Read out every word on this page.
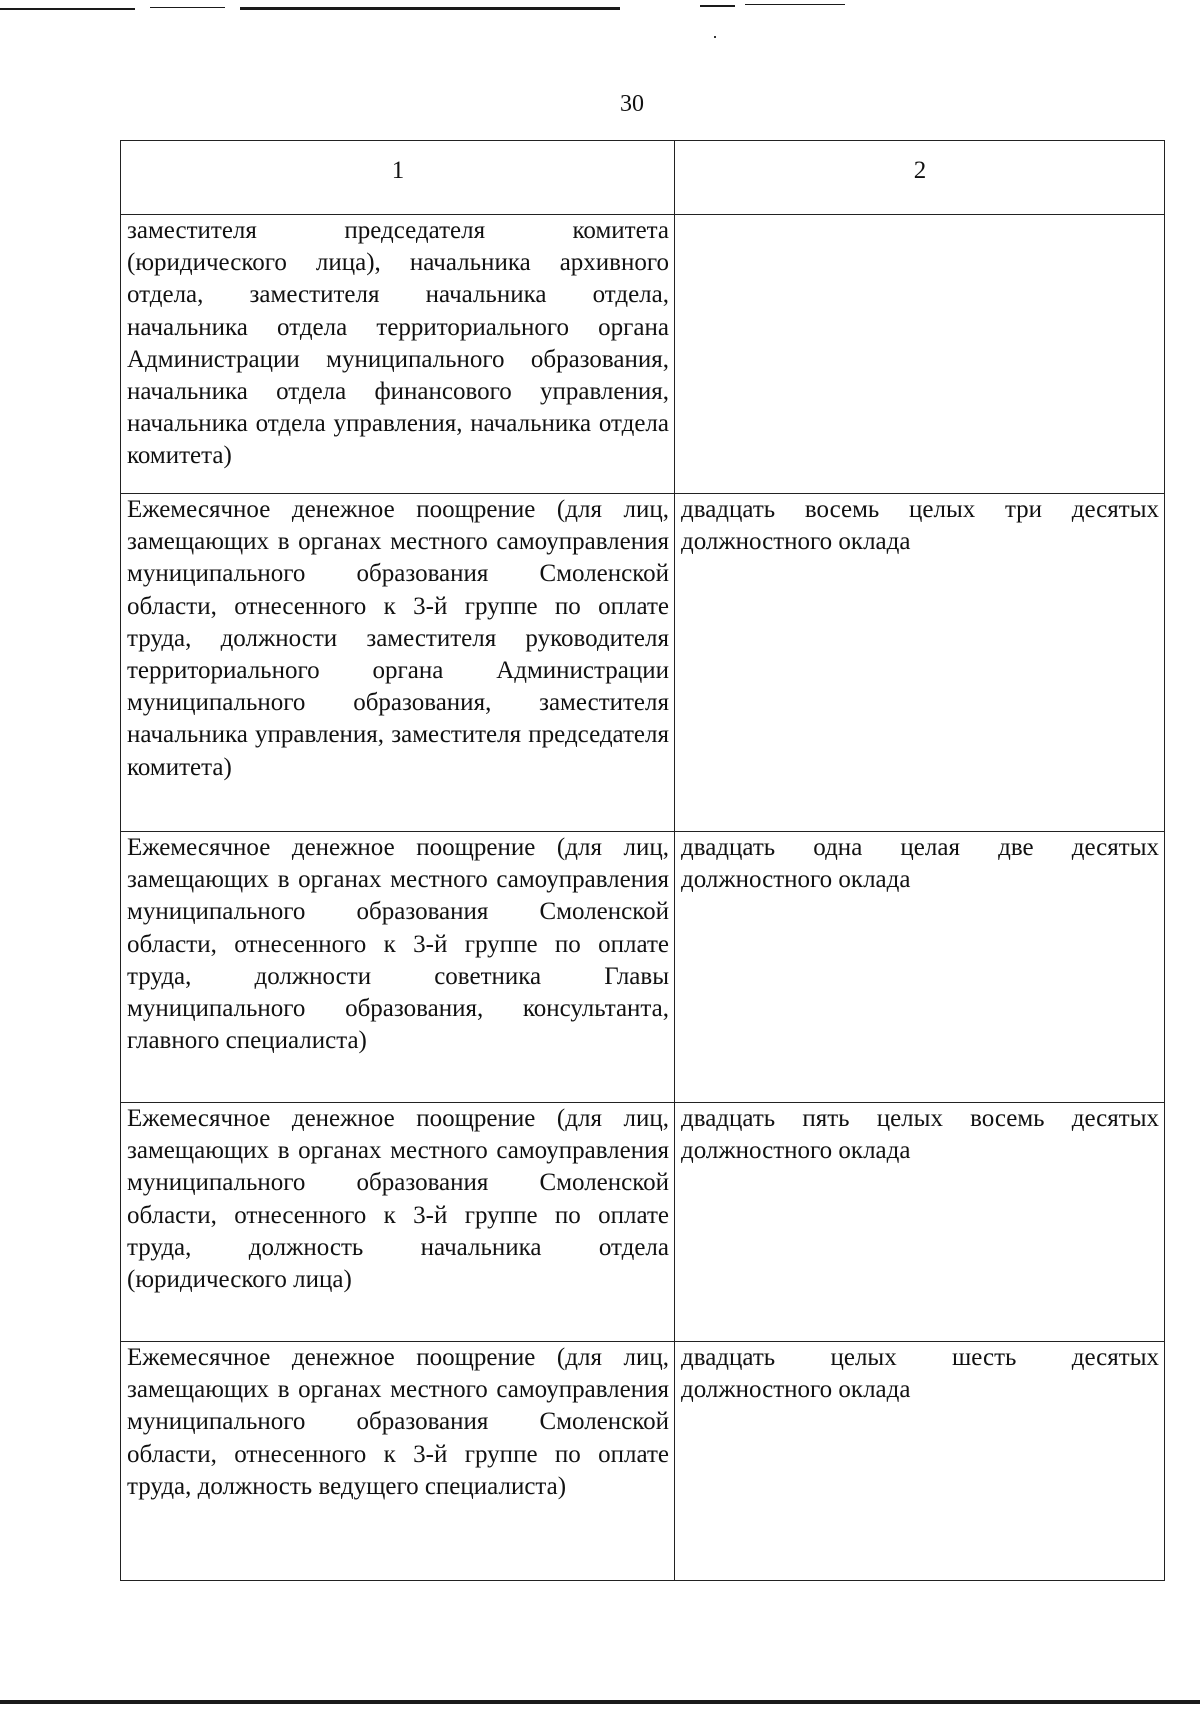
30
1	2

заместителя председателя комитета (юридического лица), начальника архивного отдела, заместителя начальника отдела, начальника отдела территориального органа Администрации муниципального образования, начальника отдела финансового управления, начальника отдела управления, начальника отдела комитета)	

Ежемесячное денежное поощрение (для лиц, замещающих в органах местного самоуправления муниципального образования Смоленской области, отнесенного к 3-й группе по оплате труда, должности заместителя руководителя территориального органа Администрации муниципального образования, заместителя начальника управления, заместителя председателя комитета)	двадцать восемь целых три десятых должностного оклада

Ежемесячное денежное поощрение (для лиц, замещающих в органах местного самоуправления муниципального образования Смоленской области, отнесенного к 3-й группе по оплате труда, должности советника Главы муниципального образования, консультанта, главного специалиста)	двадцать одна целая две десятых должностного оклада

Ежемесячное денежное поощрение (для лиц, замещающих в органах местного самоуправления муниципального образования Смоленской области, отнесенного к 3-й группе по оплате труда, должность начальника отдела (юридического лица)	двадцать пять целых восемь десятых должностного оклада

Ежемесячное денежное поощрение (для лиц, замещающих в органах местного самоуправления муниципального образования Смоленской области, отнесенного к 3-й группе по оплате труда, должность ведущего специалиста)	двадцать целых шесть десятых должностного оклада
